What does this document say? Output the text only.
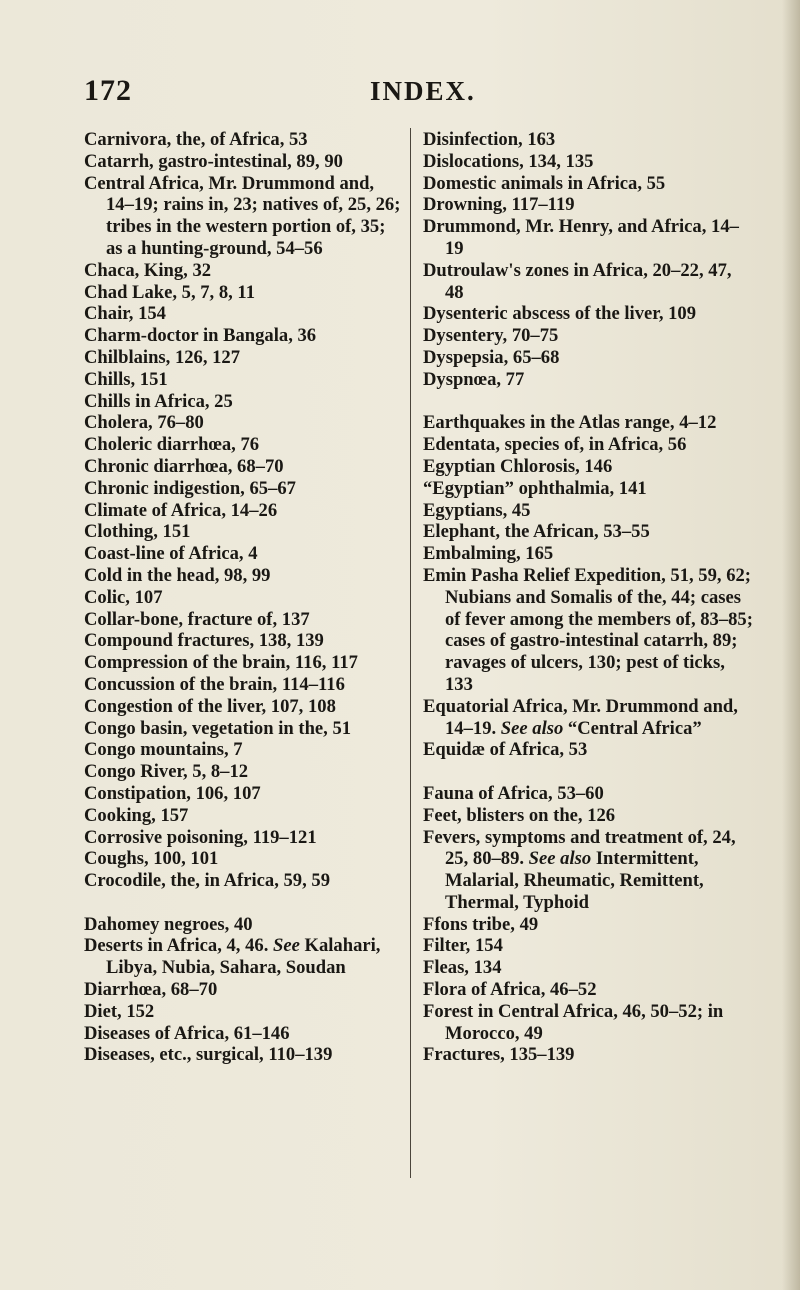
172	INDEX.
Carnivora, the, of Africa, 53
Catarrh, gastro-intestinal, 89, 90
Central Africa, Mr. Drummond and, 14–19; rains in, 23; natives of, 25, 26; tribes in the western portion of, 35; as a hunting-ground, 54–56
Chaca, King, 32
Chad Lake, 5, 7, 8, 11
Chair, 154
Charm-doctor in Bangala, 36
Chilblains, 126, 127
Chills, 151
Chills in Africa, 25
Cholera, 76–80
Choleric diarrhœa, 76
Chronic diarrhœa, 68–70
Chronic indigestion, 65–67
Climate of Africa, 14–26
Clothing, 151
Coast-line of Africa, 4
Cold in the head, 98, 99
Colic, 107
Collar-bone, fracture of, 137
Compound fractures, 138, 139
Compression of the brain, 116, 117
Concussion of the brain, 114–116
Congestion of the liver, 107, 108
Congo basin, vegetation in the, 51
Congo mountains, 7
Congo River, 5, 8–12
Constipation, 106, 107
Cooking, 157
Corrosive poisoning, 119–121
Coughs, 100, 101
Crocodile, the, in Africa, 59, 59
Dahomey negroes, 40
Deserts in Africa, 4, 46. See Kalahari, Libya, Nubia, Sahara, Soudan
Diarrhœa, 68–70
Diet, 152
Diseases of Africa, 61–146
Diseases, etc., surgical, 110–139
Disinfection, 163
Dislocations, 134, 135
Domestic animals in Africa, 55
Drowning, 117–119
Drummond, Mr. Henry, and Africa, 14–19
Dutroulaw's zones in Africa, 20–22, 47, 48
Dysenteric abscess of the liver, 109
Dysentery, 70–75
Dyspepsia, 65–68
Dyspnœa, 77
Earthquakes in the Atlas range, 4–12
Edentata, species of, in Africa, 56
Egyptian Chlorosis, 146
“Egyptian” ophthalmia, 141
Egyptians, 45
Elephant, the African, 53–55
Embalming, 165
Emin Pasha Relief Expedition, 51, 59, 62; Nubians and Somalis of the, 44; cases of fever among the members of, 83–85; cases of gastro-intestinal catarrh, 89; ravages of ulcers, 130; pest of ticks, 133
Equatorial Africa, Mr. Drummond and, 14–19. See also “Central Africa”
Equidæ of Africa, 53
Fauna of Africa, 53–60
Feet, blisters on the, 126
Fevers, symptoms and treatment of, 24, 25, 80–89. See also Intermittent, Malarial, Rheumatic, Remittent, Thermal, Typhoid
Ffons tribe, 49
Filter, 154
Fleas, 134
Flora of Africa, 46–52
Forest in Central Africa, 46, 50–52; in Morocco, 49
Fractures, 135–139
